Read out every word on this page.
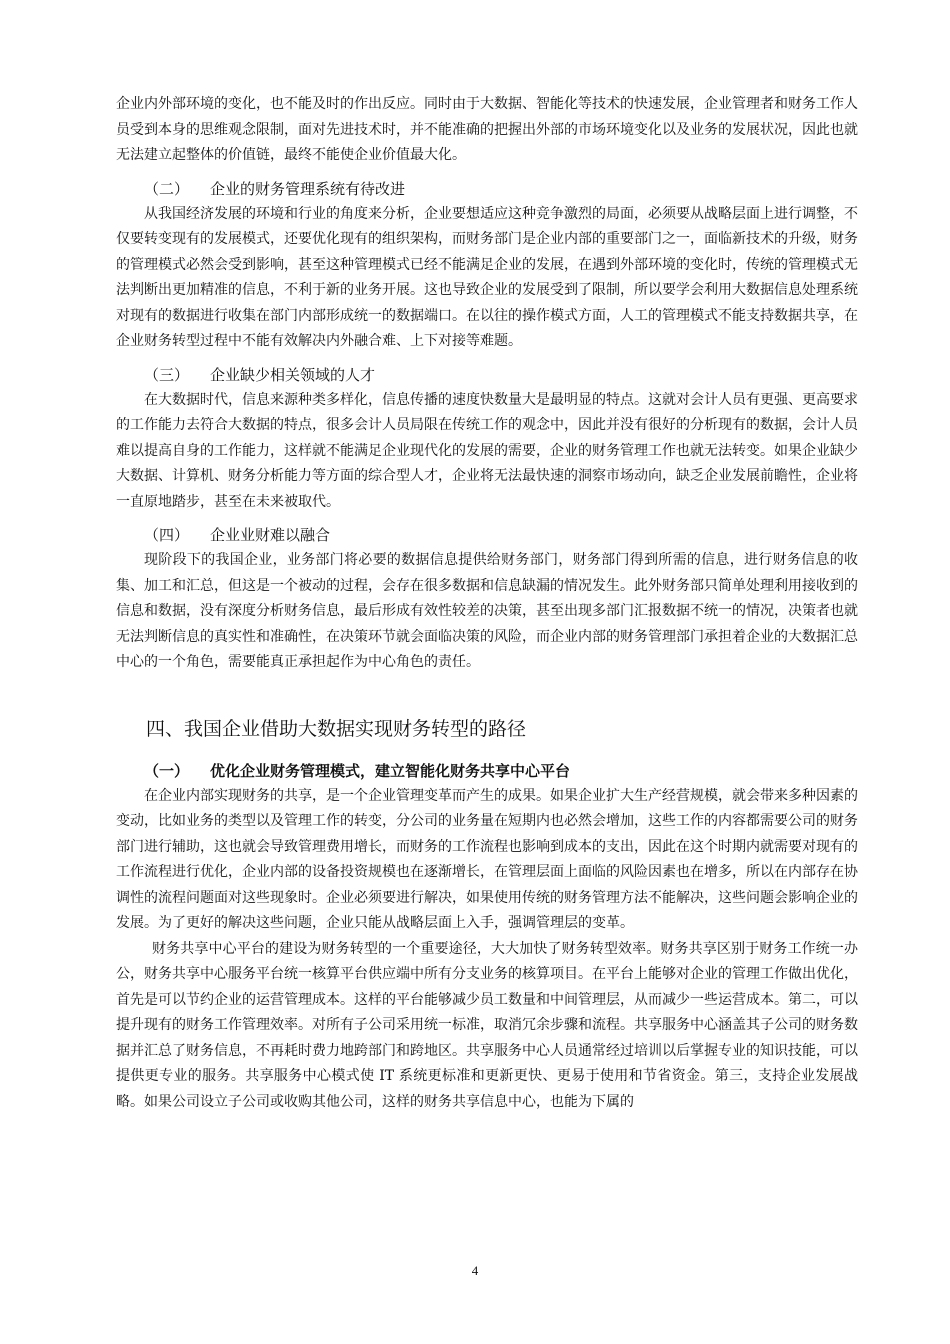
企业内外部环境的变化，也不能及时的作出反应。同时由于大数据、智能化等技术的快速发展，企业管理者和财务工作人员受到本身的思维观念限制，面对先进技术时，并不能准确的把握出外部的市场环境变化以及业务的发展状况，因此也就无法建立起整体的价值链，最终不能使企业价值最大化。

（二） 企业的财务管理系统有待改进

从我国经济发展的环境和行业的角度来分析，企业要想适应这种竞争激烈的局面，必须要从战略层面上进行调整，不仅要转变现有的发展模式，还要优化现有的组织架构，而财务部门是企业内部的重要部门之一，面临新技术的升级，财务的管理模式必然会受到影响，甚至这种管理模式已经不能满足企业的发展，在遇到外部环境的变化时，传统的管理模式无法判断出更加精准的信息，不利于新的业务开展。这也导致企业的发展受到了限制，所以要学会利用大数据信息处理系统对现有的数据进行收集在部门内部形成统一的数据端口。在以往的操作模式方面，人工的管理模式不能支持数据共享，在企业财务转型过程中不能有效解决内外融合难、上下对接等难题。

（三） 企业缺少相关领域的人才

在大数据时代，信息来源种类多样化，信息传播的速度快数量大是最明显的特点。这就对会计人员有更强、更高要求的工作能力去符合大数据的特点，很多会计人员局限在传统工作的观念中，因此并没有很好的分析现有的数据，会计人员难以提高自身的工作能力，这样就不能满足企业现代化的发展的需要，企业的财务管理工作也就无法转变。如果企业缺少大数据、计算机、财务分析能力等方面的综合型人才，企业将无法最快速的洞察市场动向，缺乏企业发展前瞻性，企业将一直原地踏步，甚至在未来被取代。

（四） 企业业财难以融合

现阶段下的我国企业，业务部门将必要的数据信息提供给财务部门，财务部门得到所需的信息，进行财务信息的收集、加工和汇总，但这是一个被动的过程，会存在很多数据和信息缺漏的情况发生。此外财务部只简单处理利用接收到的信息和数据，没有深度分析财务信息，最后形成有效性较差的决策，甚至出现多部门汇报数据不统一的情况，决策者也就无法判断信息的真实性和准确性，在决策环节就会面临决策的风险，而企业内部的财务管理部门承担着企业的大数据汇总中心的一个角色，需要能真正承担起作为中心角色的责任。

四、我国企业借助大数据实现财务转型的路径
（一） 优化企业财务管理模式，建立智能化财务共享中心平台

在企业内部实现财务的共享，是一个企业管理变革而产生的成果。如果企业扩大生产经营规模，就会带来多种因素的变动，比如业务的类型以及管理工作的转变，分公司的业务量在短期内也必然会增加，这些工作的内容都需要公司的财务部门进行辅助，这也就会导致管理费用增长，而财务的工作流程也影响到成本的支出，因此在这个时期内就需要对现有的工作流程进行优化，企业内部的设备投资规模也在逐渐增长，在管理层面上面临的风险因素也在增多，所以在内部存在协调性的流程问题面对这些现象时。企业必须要进行解决，如果使用传统的财务管理方法不能解决，这些问题会影响企业的发展。为了更好的解决这些问题，企业只能从战略层面上入手，强调管理层的变革。

财务共享中心平台的建设为财务转型的一个重要途径，大大加快了财务转型效率。财务共享区别于财务工作统一办公，财务共享中心服务平台统一核算平台供应端中所有分支业务的核算项目。在平台上能够对企业的管理工作做出优化，首先是可以节约企业的运营管理成本。这样的平台能够减少员工数量和中间管理层，从而减少一些运营成本。第二，可以提升现有的财务工作管理效率。对所有子公司采用统一标准，取消冗余步骤和流程。共享服务中心涵盖其子公司的财务数据并汇总了财务信息，不再耗时费力地跨部门和跨地区。共享服务中心人员通常经过培训以后掌握专业的知识技能，可以提供更专业的服务。共享服务中心模式使 IT 系统更标准和更新更快、更易于使用和节省资金。第三，支持企业发展战略。如果公司设立子公司或收购其他公司，这样的财务共享信息中心，也能为下属的

4
